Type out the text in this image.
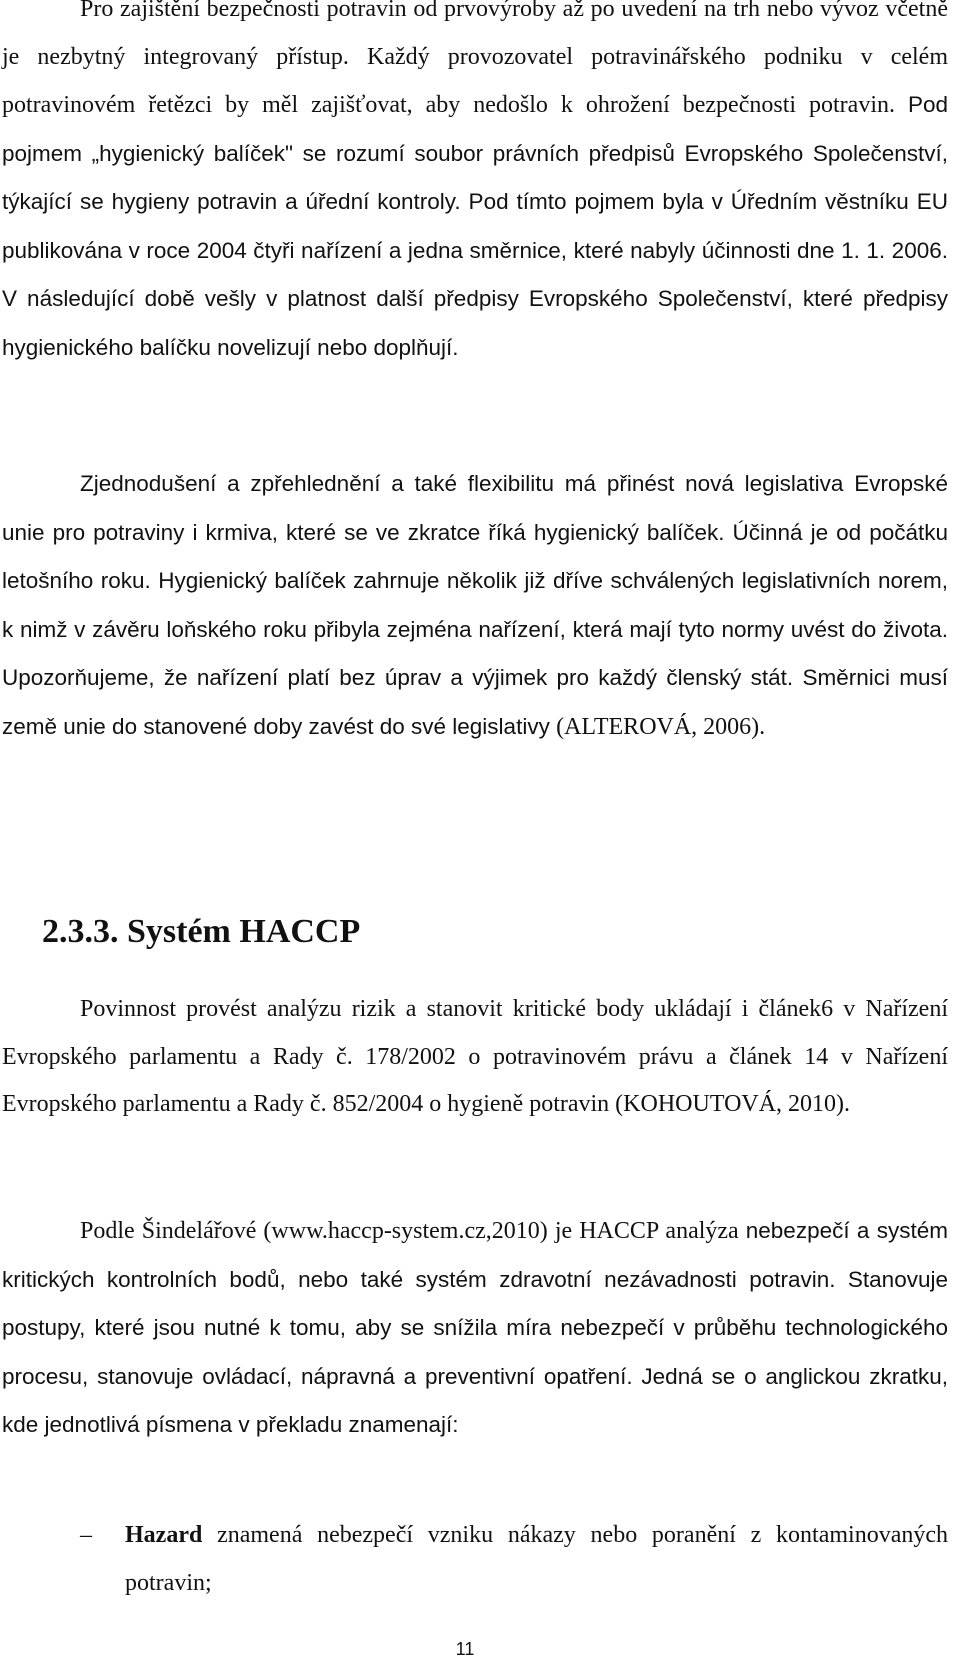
Pro zajištění bezpečnosti potravin od prvovýroby až po uvedení na trh nebo vývoz včetně je nezbytný integrovaný přístup. Každý provozovatel potravinářského podniku v celém potravinovém řetězci by měl zajišťovat, aby nedošlo k ohrožení bezpečnosti potravin. Pod pojmem „hygienický balíček" se rozumí soubor právních předpisů Evropského Společenství, týkající se hygieny potravin a úřední kontroly. Pod tímto pojmem byla v Úředním věstníku EU publikována v roce 2004 čtyři nařízení a jedna směrnice, které nabyly účinnosti dne 1. 1. 2006. V následující době vešly v platnost další předpisy Evropského Společenství, které předpisy hygienického balíčku novelizují nebo doplňují.

Zjednodušení a zpřehlednění a také flexibilitu má přinést nová legislativa Evropské unie pro potraviny i krmiva, které se ve zkratce říká hygienický balíček. Účinná je od počátku letošního roku. Hygienický balíček zahrnuje několik již dříve schválených legislativních norem, k nimž v závěru loňského roku přibyla zejména nařízení, která mají tyto normy uvést do života. Upozorňujeme, že nařízení platí bez úprav a výjimek pro každý členský stát. Směrnici musí země unie do stanovené doby zavést do své legislativy (ALTEROVÁ, 2006).

2.3.3. Systém HACCP

Povinnost provést analýzu rizik a stanovit kritické body ukládají i článek6 v Nařízení Evropského parlamentu a Rady č. 178/2002 o potravinovém právu a článek 14 v Nařízení Evropského parlamentu a Rady č. 852/2004 o hygieně potravin (KOHOUTOVÁ, 2010).

Podle Šindelářové (www.haccp-system.cz,2010) je HACCP analýza nebezpečí a systém kritických kontrolních bodů, nebo také systém zdravotní nezávadnosti potravin. Stanovuje postupy, které jsou nutné k tomu, aby se snížila míra nebezpečí v průběhu technologického procesu, stanovuje ovládací, nápravná a preventivní opatření. Jedná se o anglickou zkratku, kde jednotlivá písmena v překladu znamenají:

– Hazard znamená nebezpečí vzniku nákazy nebo poranění z kontaminovaných potravin;
11
